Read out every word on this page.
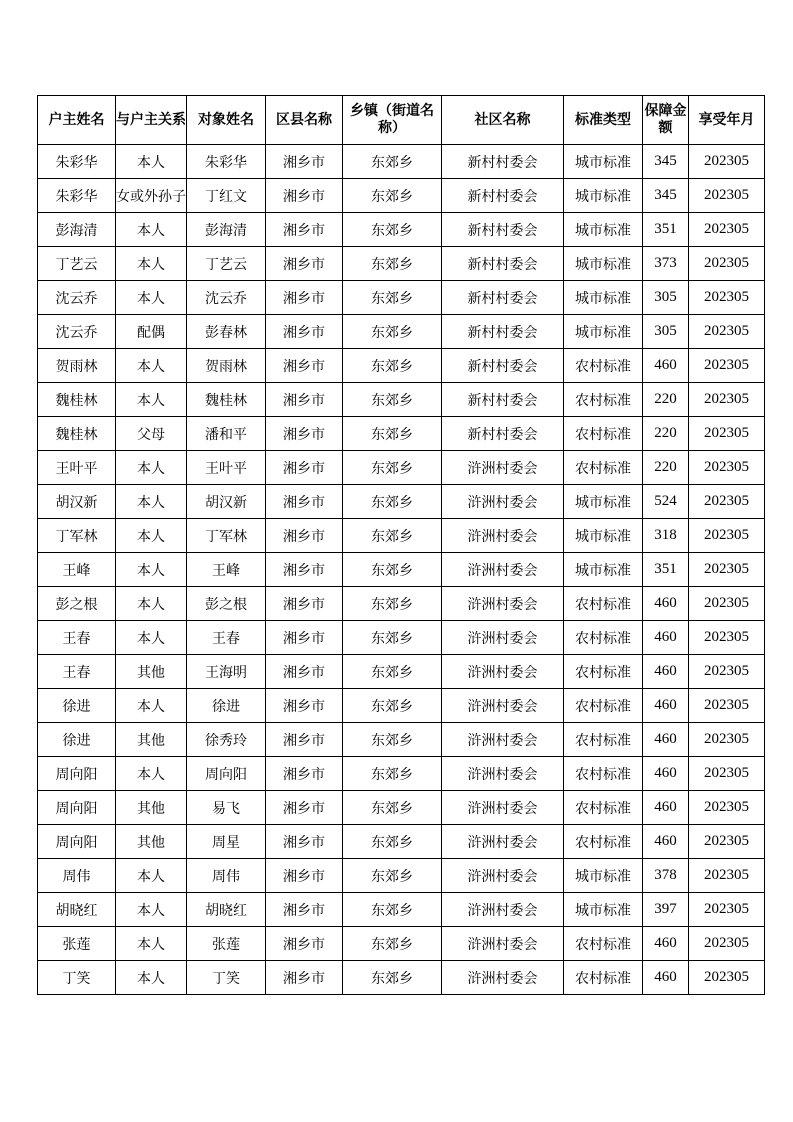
户主姓名	与户主关系	对象姓名	区县名称	乡镇（街道名称）	社区名称	标准类型	保障金额	享受年月
朱彩华	本人	朱彩华	湘乡市	东郊乡	新村村委会	城市标准	345	202305
朱彩华	女或外孙子	丁红文	湘乡市	东郊乡	新村村委会	城市标准	345	202305
彭海清	本人	彭海清	湘乡市	东郊乡	新村村委会	城市标准	351	202305
丁艺云	本人	丁艺云	湘乡市	东郊乡	新村村委会	城市标准	373	202305
沈云乔	本人	沈云乔	湘乡市	东郊乡	新村村委会	城市标准	305	202305
沈云乔	配偶	彭春林	湘乡市	东郊乡	新村村委会	城市标准	305	202305
贺雨林	本人	贺雨林	湘乡市	东郊乡	新村村委会	农村标准	460	202305
魏桂林	本人	魏桂林	湘乡市	东郊乡	新村村委会	农村标准	220	202305
魏桂林	父母	潘和平	湘乡市	东郊乡	新村村委会	农村标准	220	202305
王叶平	本人	王叶平	湘乡市	东郊乡	浒洲村委会	农村标准	220	202305
胡汉新	本人	胡汉新	湘乡市	东郊乡	浒洲村委会	城市标准	524	202305
丁军林	本人	丁军林	湘乡市	东郊乡	浒洲村委会	城市标准	318	202305
王峰	本人	王峰	湘乡市	东郊乡	浒洲村委会	城市标准	351	202305
彭之根	本人	彭之根	湘乡市	东郊乡	浒洲村委会	农村标准	460	202305
王春	本人	王春	湘乡市	东郊乡	浒洲村委会	农村标准	460	202305
王春	其他	王海明	湘乡市	东郊乡	浒洲村委会	农村标准	460	202305
徐进	本人	徐进	湘乡市	东郊乡	浒洲村委会	农村标准	460	202305
徐进	其他	徐秀玲	湘乡市	东郊乡	浒洲村委会	农村标准	460	202305
周向阳	本人	周向阳	湘乡市	东郊乡	浒洲村委会	农村标准	460	202305
周向阳	其他	易飞	湘乡市	东郊乡	浒洲村委会	农村标准	460	202305
周向阳	其他	周星	湘乡市	东郊乡	浒洲村委会	农村标准	460	202305
周伟	本人	周伟	湘乡市	东郊乡	浒洲村委会	城市标准	378	202305
胡晓红	本人	胡晓红	湘乡市	东郊乡	浒洲村委会	城市标准	397	202305
张莲	本人	张莲	湘乡市	东郊乡	浒洲村委会	农村标准	460	202305
丁笑	本人	丁笑	湘乡市	东郊乡	浒洲村委会	农村标准	460	202305
